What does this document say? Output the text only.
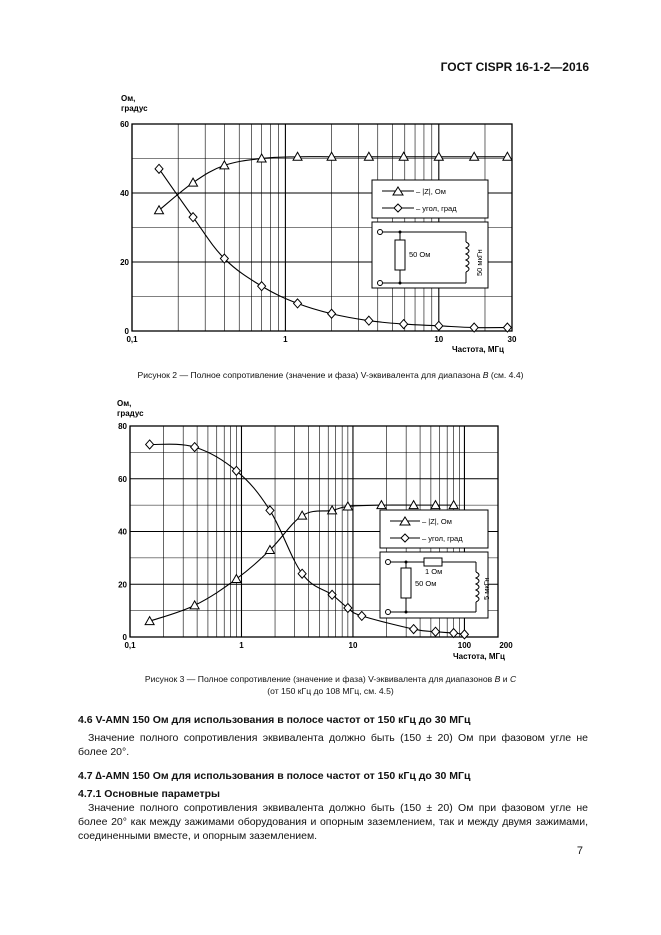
ГОСТ CISPR 16-1-2—2016
Ом,
градус
0
20
40
60
0,1	1	10	30
Частота, МГц
– |Z|, Ом
– угол, град
50 Ом	50 мкГн
Рисунок 2 — Полное сопротивление (значение и фаза) V-эквивалента для диапазона B (см. 4.4)
Ом,
градус
0
20
40
60
80
0,1	1	10	100	200
Частота, МГц
– |Z|, Ом
– угол, град
1 Ом
50 Ом	5 мкГн
Рисунок 3 — Полное сопротивление (значение и фаза) V-эквивалента для диапазонов B и C
(от 150 кГц до 108 МГц, см. 4.5)
4.6 V-AMN 150 Ом для использования в полосе частот от 150 кГц до 30 МГц
Значение полного сопротивления эквивалента должно быть (150 ± 20) Ом при фазовом угле не более 20°.
4.7 ∆-AMN 150 Ом для использования в полосе частот от 150 кГц до 30 МГц
4.7.1 Основные параметры
Значение полного сопротивления эквивалента должно быть (150 ± 20) Ом при фазовом угле не более 20° как между зажимами оборудования и опорным заземлением, так и между двумя зажимами, соединенными вместе, и опорным заземлением.
7
